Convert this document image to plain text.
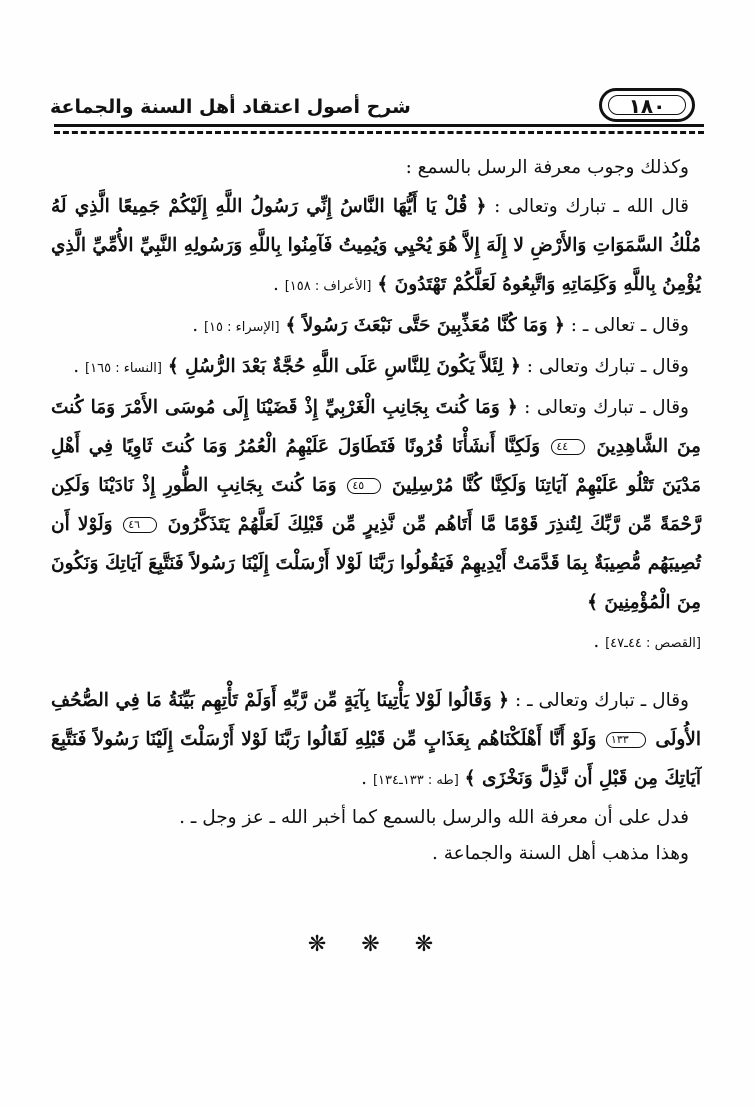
١٨٠
شرح أصول اعتقاد أهل السنة والجماعة

وكذلك وجوب معرفة الرسل بالسمع :

قال الله ـ تبارك وتعالى : ﴿ قُلْ يَا أَيُّهَا النَّاسُ إِنِّي رَسُولُ اللَّهِ إِلَيْكُمْ جَمِيعًا الَّذِي لَهُ مُلْكُ السَّمَوَاتِ وَالأَرْضِ لا إِلَهَ إِلاَّ هُوَ يُحْيِي وَيُمِيتُ فَآمِنُوا بِاللَّهِ وَرَسُولِهِ النَّبِيِّ الأُمِّيِّ الَّذِي يُؤْمِنُ بِاللَّهِ وَكَلِمَاتِهِ وَاتَّبِعُوهُ لَعَلَّكُمْ تَهْتَدُونَ ﴾ [الأعراف : ١٥٨] .

وقال ـ تعالى ـ : ﴿ وَمَا كُنَّا مُعَذِّبِينَ حَتَّى نَبْعَثَ رَسُولاً ﴾ [الإسراء : ١٥] .

وقال ـ تبارك وتعالى : ﴿ لِئَلاَّ يَكُونَ لِلنَّاسِ عَلَى اللَّهِ حُجَّةٌ بَعْدَ الرُّسُلِ ﴾ [النساء : ١٦٥] .

وقال ـ تبارك وتعالى : ﴿ وَمَا كُنتَ بِجَانِبِ الْغَرْبِيِّ إِذْ قَضَيْنَا إِلَى مُوسَى الأَمْرَ وَمَا كُنتَ مِنَ الشَّاهِدِينَ ٤٤ وَلَكِنَّا أَنشَأْنَا قُرُونًا فَتَطَاوَلَ عَلَيْهِمُ الْعُمُرُ وَمَا كُنتَ ثَاوِيًا فِي أَهْلِ مَدْيَنَ تَتْلُو عَلَيْهِمْ آيَاتِنَا وَلَكِنَّا كُنَّا مُرْسِلِينَ ٤٥ وَمَا كُنتَ بِجَانِبِ الطُّورِ إِذْ نَادَيْنَا وَلَكِن رَّحْمَةً مِّن رَّبِّكَ لِتُنذِرَ قَوْمًا مَّا أَتَاهُم مِّن نَّذِيرٍ مِّن قَبْلِكَ لَعَلَّهُمْ يَتَذَكَّرُونَ ٤٦ وَلَوْلا أَن تُصِيبَهُم مُّصِيبَةٌ بِمَا قَدَّمَتْ أَيْدِيهِمْ فَيَقُولُوا رَبَّنَا لَوْلا أَرْسَلْتَ إِلَيْنَا رَسُولاً فَنَتَّبِعَ آيَاتِكَ وَنَكُونَ مِنَ الْمُؤْمِنِينَ ﴾
[القصص : ٤٤ـ٤٧] .

وقال ـ تبارك وتعالى ـ : ﴿ وَقَالُوا لَوْلا يَأْتِينَا بِآيَةٍ مِّن رَّبِّهِ أَوَلَمْ تَأْتِهِم بَيِّنَةُ مَا فِي الصُّحُفِ الأُولَى ١٣٣ وَلَوْ أَنَّا أَهْلَكْنَاهُم بِعَذَابٍ مِّن قَبْلِهِ لَقَالُوا رَبَّنَا لَوْلا أَرْسَلْتَ إِلَيْنَا رَسُولاً فَنَتَّبِعَ آيَاتِكَ مِن قَبْلِ أَن نَّذِلَّ وَنَخْزَى ﴾ [طه : ١٣٣ـ١٣٤] .

فدل على أن معرفة الله والرسل بالسمع كما أخبر الله ـ عز وجل ـ .

وهذا مذهب أهل السنة والجماعة .

❋ ❋ ❋
